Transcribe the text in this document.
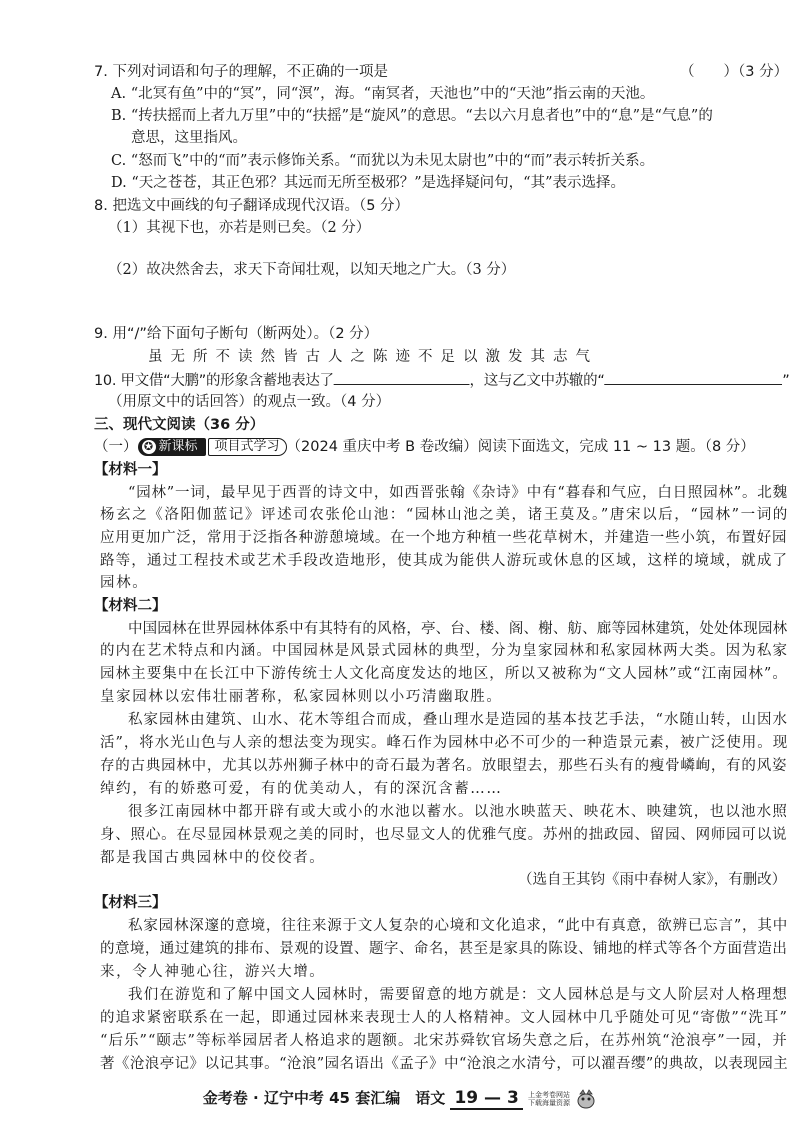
7. 下列对词语和句子的理解，不正确的一项是	（　　）（3 分）
A. “北冥有鱼”中的“冥”，同“溟”，海。“南冥者，天池也”中的“天池”指云南的天池。
B. “抟扶摇而上者九万里”中的“扶摇”是“旋风”的意思。“去以六月息者也”中的“息”是“气息”的
意思，这里指风。
C. “怒而飞”中的“而”表示修饰关系。“而犹以为未见太尉也”中的“而”表示转折关系。
D. “天之苍苍，其正色邪？其远而无所至极邪？”是选择疑问句，“其”表示选择。
8. 把选文中画线的句子翻译成现代汉语。（5 分）
（1）其视下也，亦若是则已矣。（2 分）
（2）故决然舍去，求天下奇闻壮观，以知天地之广大。（3 分）
9. 用“/”给下面句子断句（断两处）。（2 分）
虽无所不读然皆古人之陈迹不足以激发其志气
10. 甲文借“大鹏”的形象含蓄地表达了	，这与乙文中苏辙的“	”
（用原文中的话回答）的观点一致。（4 分）
三、现代文阅读（36 分）
（一） ✪ 新课标 项目式学习 （2024 重庆中考 B 卷改编）阅读下面选文，完成 11 ~ 13 题。（8 分）
【材料一】
“园林”一词，最早见于西晋的诗文中，如西晋张翰《杂诗》中有“暮春和气应，白日照园林”。北魏
杨玄之《洛阳伽蓝记》评述司农张伦山池：“园林山池之美，诸王莫及。”唐宋以后，“园林”一词的
应用更加广泛，常用于泛指各种游憩境域。在一个地方种植一些花草树木，并建造一些小筑，布置好园
路等，通过工程技术或艺术手段改造地形，使其成为能供人游玩或休息的区域，这样的境域，就成了
园林。
【材料二】
中国园林在世界园林体系中有其特有的风格，亭、台、楼、阁、榭、舫、廊等园林建筑，处处体现园林
的内在艺术特点和内涵。中国园林是风景式园林的典型，分为皇家园林和私家园林两大类。因为私家
园林主要集中在长江中下游传统士人文化高度发达的地区，所以又被称为“文人园林”或“江南园林”。
皇家园林以宏伟壮丽著称，私家园林则以小巧清幽取胜。
私家园林由建筑、山水、花木等组合而成，叠山理水是造园的基本技艺手法，“水随山转，山因水
活”，将水光山色与人亲的想法变为现实。峰石作为园林中必不可少的一种造景元素，被广泛使用。现
存的古典园林中，尤其以苏州狮子林中的奇石最为著名。放眼望去，那些石头有的瘦骨嶙峋，有的风姿
绰约，有的娇憨可爱，有的优美动人，有的深沉含蓄……
很多江南园林中都开辟有或大或小的水池以蓄水。以池水映蓝天、映花木、映建筑，也以池水照
身、照心。在尽显园林景观之美的同时，也尽显文人的优雅气度。苏州的拙政园、留园、网师园可以说
都是我国古典园林中的佼佼者。
（选自王其钧《雨中春树人家》，有删改）
【材料三】
私家园林深邃的意境，往往来源于文人复杂的心境和文化追求，“此中有真意，欲辨已忘言”，其中
的意境，通过建筑的排布、景观的设置、题字、命名，甚至是家具的陈设、铺地的样式等各个方面营造出
来，令人神驰心往，游兴大增。
我们在游览和了解中国文人园林时，需要留意的地方就是：文人园林总是与文人阶层对人格理想
的追求紧密联系在一起，即通过园林来表现士人的人格精神。文人园林中几乎随处可见“寄傲”“洗耳”
“后乐”“颐志”等标举园居者人格追求的题额。北宋苏舜钦官场失意之后，在苏州筑“沧浪亭”一园，并
著《沧浪亭记》以记其事。“沧浪”园名语出《孟子》中“沧浪之水清兮，可以濯吾缨”的典故，以表现园主
金考卷 · 辽宁中考 45 套汇编　语文 19 — 3 上金考卷网站
下载海量资源
